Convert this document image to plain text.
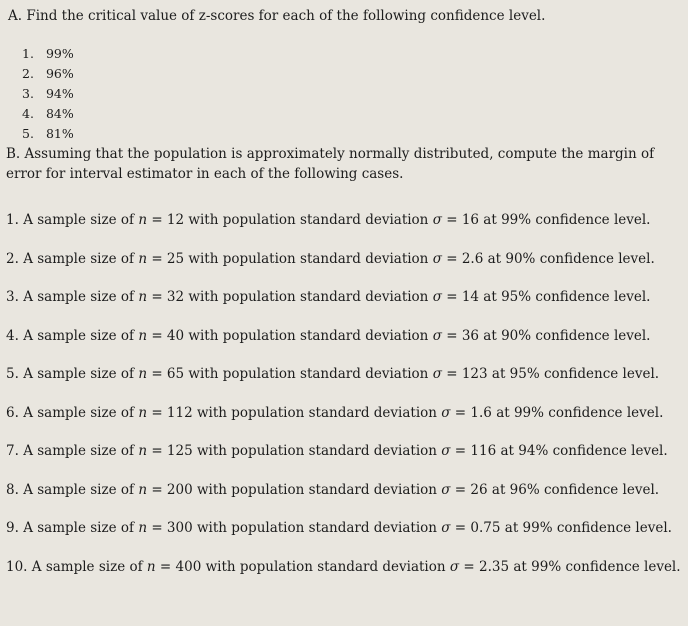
A. Find the critical value of z-scores for each of the following confidence level.
1. 99%
2. 96%
3. 94%
4. 84%
5. 81%
B. Assuming that the population is approximately normally distributed, compute the margin of error for interval estimator in each of the following cases.
1. A sample size of n = 12 with population standard deviation σ = 16 at 99% confidence level.
2. A sample size of n = 25 with population standard deviation σ = 2.6 at 90% confidence level.
3. A sample size of n = 32 with population standard deviation σ = 14 at 95% confidence level.
4. A sample size of n = 40 with population standard deviation σ = 36 at 90% confidence level.
5. A sample size of n = 65 with population standard deviation σ = 123 at 95% confidence level.
6. A sample size of n = 112 with population standard deviation σ = 1.6 at 99% confidence level.
7. A sample size of n = 125 with population standard deviation σ = 116 at 94% confidence level.
8. A sample size of n = 200 with population standard deviation σ = 26 at 96% confidence level.
9. A sample size of n = 300 with population standard deviation σ = 0.75 at 99% confidence level.
10. A sample size of n = 400 with population standard deviation σ = 2.35 at 99% confidence level.
